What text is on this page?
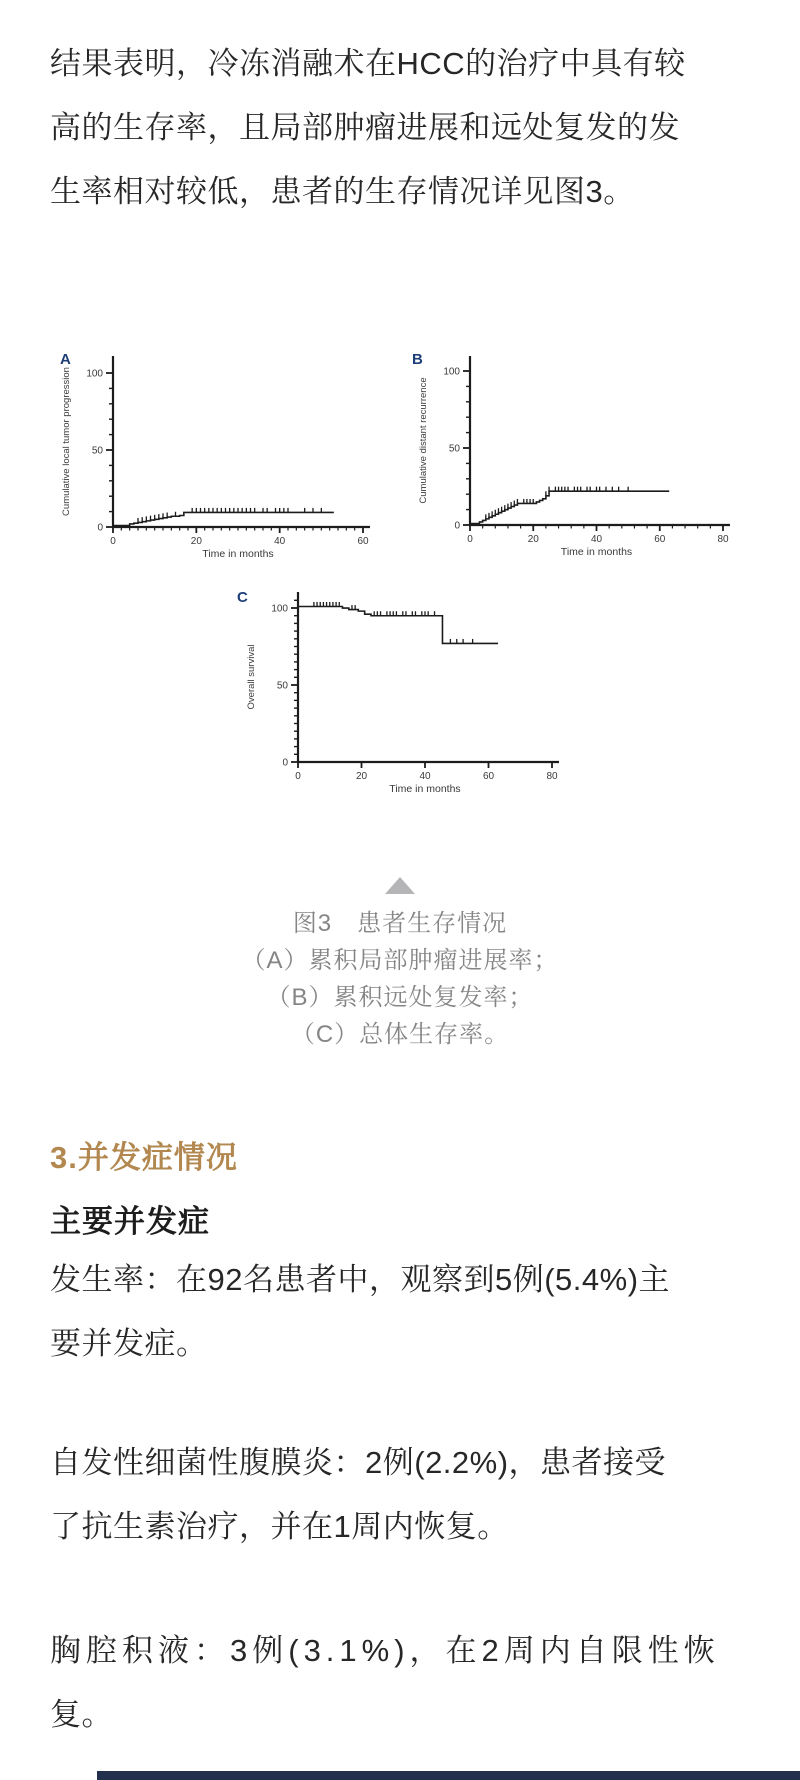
结果表明，冷冻消融术在HCC的治疗中具有较
高的生存率，且局部肿瘤进展和远处复发的发
生率相对较低，患者的生存情况详见图3。
A
0
50
100
0	20	40	60
Time in months
Cumulative local tumor progression
B
0
50
100
0	20	40	60	80
Time in months
Cumulative distant recurrence
C
0
50
100
0	20	40	60	80
Time in months
Overall survival
图3　患者生存情况
（A）累积局部肿瘤进展率；
（B）累积远处复发率；
（C）总体生存率。
3.并发症情况
主要并发症
发生率：在92名患者中，观察到5例(5.4%)主
要并发症。
自发性细菌性腹膜炎：2例(2.2%)，患者接受
了抗生素治疗，并在1周内恢复。
胸腔积液：3例(3.1%)，在2周内自限性恢
复。
